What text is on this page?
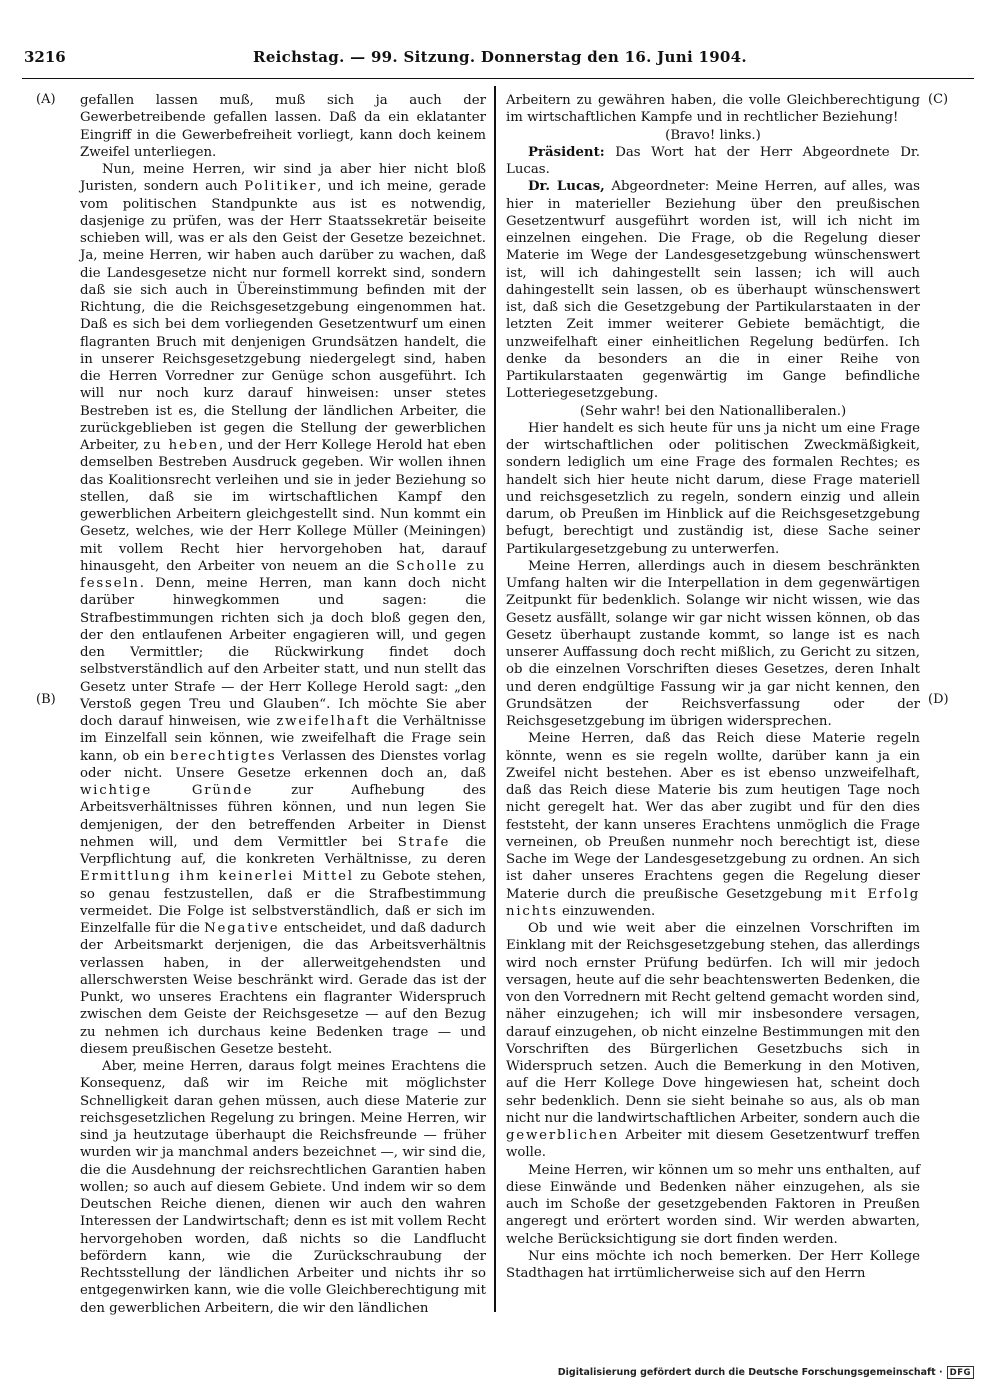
3216	Reichstag. — 99. Sitzung. Donnerstag den 16. Juni 1904.
(A)
(B)
(C)
(D)

gefallen lassen muß, muß sich ja auch der Gewerbetreibende gefallen lassen. Daß da ein eklatanter Eingriff in die Gewerbefreiheit vorliegt, kann doch keinem Zweifel unterliegen.

Nun, meine Herren, wir sind ja aber hier nicht bloß Juristen, sondern auch Politiker, und ich meine, gerade vom politischen Standpunkte aus ist es notwendig, dasjenige zu prüfen, was der Herr Staatssekretär beiseite schieben will, was er als den Geist der Gesetze bezeichnet. Ja, meine Herren, wir haben auch darüber zu wachen, daß die Landesgesetze nicht nur formell korrekt sind, sondern daß sie sich auch in Übereinstimmung befinden mit der Richtung, die die Reichsgesetzgebung eingenommen hat. Daß es sich bei dem vorliegenden Gesetzentwurf um einen flagranten Bruch mit denjenigen Grundsätzen handelt, die in unserer Reichsgesetzgebung niedergelegt sind, haben die Herren Vorredner zur Genüge schon ausgeführt. Ich will nur noch kurz darauf hinweisen: unser stetes Bestreben ist es, die Stellung der ländlichen Arbeiter, die zurückgeblieben ist gegen die Stellung der gewerblichen Arbeiter, zu heben, und der Herr Kollege Herold hat eben demselben Bestreben Ausdruck gegeben. Wir wollen ihnen das Koalitionsrecht verleihen und sie in jeder Beziehung so stellen, daß sie im wirtschaftlichen Kampf den gewerblichen Arbeitern gleichgestellt sind. Nun kommt ein Gesetz, welches, wie der Herr Kollege Müller (Meiningen) mit vollem Recht hier hervorgehoben hat, darauf hinausgeht, den Arbeiter von neuem an die Scholle zu fesseln. Denn, meine Herren, man kann doch nicht darüber hinwegkommen und sagen: die Strafbestimmungen richten sich ja doch bloß gegen den, der den entlaufenen Arbeiter engagieren will, und gegen den Vermittler; die Rückwirkung findet doch selbstverständlich auf den Arbeiter statt, und nun stellt das Gesetz unter Strafe — der Herr Kollege Herold sagt: „den Verstoß gegen Treu und Glauben“. Ich möchte Sie aber doch darauf hinweisen, wie zweifelhaft die Verhältnisse im Einzelfall sein können, wie zweifelhaft die Frage sein kann, ob ein berechtigtes Verlassen des Dienstes vorlag oder nicht. Unsere Gesetze erkennen doch an, daß wichtige Gründe zur Aufhebung des Arbeitsverhältnisses führen können, und nun legen Sie demjenigen, der den betreffenden Arbeiter in Dienst nehmen will, und dem Vermittler bei Strafe die Verpflichtung auf, die konkreten Verhältnisse, zu deren Ermittlung ihm keinerlei Mittel zu Gebote stehen, so genau festzustellen, daß er die Strafbestimmung vermeidet. Die Folge ist selbstverständlich, daß er sich im Einzelfalle für die Negative entscheidet, und daß dadurch der Arbeitsmarkt derjenigen, die das Arbeitsverhältnis verlassen haben, in der allerweitgehendsten und allerschwersten Weise beschränkt wird. Gerade das ist der Punkt, wo unseres Erachtens ein flagranter Widerspruch zwischen dem Geiste der Reichsgesetze — auf den Bezug zu nehmen ich durchaus keine Bedenken trage — und diesem preußischen Gesetze besteht.

Aber, meine Herren, daraus folgt meines Erachtens die Konsequenz, daß wir im Reiche mit möglichster Schnelligkeit daran gehen müssen, auch diese Materie zur reichsgesetzlichen Regelung zu bringen. Meine Herren, wir sind ja heutzutage überhaupt die Reichsfreunde — früher wurden wir ja manchmal anders bezeichnet —, wir sind die, die die Ausdehnung der reichsrechtlichen Garantien haben wollen; so auch auf diesem Gebiete. Und indem wir so dem Deutschen Reiche dienen, dienen wir auch den wahren Interessen der Landwirtschaft; denn es ist mit vollem Recht hervorgehoben worden, daß nichts so die Landflucht befördern kann, wie die Zurückschraubung der Rechtsstellung der ländlichen Arbeiter und nichts ihr so entgegenwirken kann, wie die volle Gleichberechtigung mit den gewerblichen Arbeitern, die wir den ländlichen

Arbeitern zu gewähren haben, die volle Gleichberechtigung im wirtschaftlichen Kampfe und in rechtlicher Beziehung!

(Bravo! links.)

Präsident: Das Wort hat der Herr Abgeordnete Dr. Lucas.

Dr. Lucas, Abgeordneter: Meine Herren, auf alles, was hier in materieller Beziehung über den preußischen Gesetzentwurf ausgeführt worden ist, will ich nicht im einzelnen eingehen. Die Frage, ob die Regelung dieser Materie im Wege der Landesgesetzgebung wünschenswert ist, will ich dahingestellt sein lassen; ich will auch dahingestellt sein lassen, ob es überhaupt wünschenswert ist, daß sich die Gesetzgebung der Partikularstaaten in der letzten Zeit immer weiterer Gebiete bemächtigt, die unzweifelhaft einer einheitlichen Regelung bedürfen. Ich denke da besonders an die in einer Reihe von Partikularstaaten gegenwärtig im Gange befindliche Lotteriegesetzgebung.

(Sehr wahr! bei den Nationalliberalen.)

Hier handelt es sich heute für uns ja nicht um eine Frage der wirtschaftlichen oder politischen Zweckmäßigkeit, sondern lediglich um eine Frage des formalen Rechtes; es handelt sich hier heute nicht darum, diese Frage materiell und reichsgesetzlich zu regeln, sondern einzig und allein darum, ob Preußen im Hinblick auf die Reichsgesetzgebung befugt, berechtigt und zuständig ist, diese Sache seiner Partikulargesetzgebung zu unterwerfen.

Meine Herren, allerdings auch in diesem beschränkten Umfang halten wir die Interpellation in dem gegenwärtigen Zeitpunkt für bedenklich. Solange wir nicht wissen, wie das Gesetz ausfällt, solange wir gar nicht wissen können, ob das Gesetz überhaupt zustande kommt, so lange ist es nach unserer Auffassung doch recht mißlich, zu Gericht zu sitzen, ob die einzelnen Vorschriften dieses Gesetzes, deren Inhalt und deren endgültige Fassung wir ja gar nicht kennen, den Grundsätzen der Reichsverfassung oder der Reichsgesetzgebung im übrigen widersprechen.

Meine Herren, daß das Reich diese Materie regeln könnte, wenn es sie regeln wollte, darüber kann ja ein Zweifel nicht bestehen. Aber es ist ebenso unzweifelhaft, daß das Reich diese Materie bis zum heutigen Tage noch nicht geregelt hat. Wer das aber zugibt und für den dies feststeht, der kann unseres Erachtens unmöglich die Frage verneinen, ob Preußen nunmehr noch berechtigt ist, diese Sache im Wege der Landesgesetzgebung zu ordnen. An sich ist daher unseres Erachtens gegen die Regelung dieser Materie durch die preußische Gesetzgebung mit Erfolg nichts einzuwenden.

Ob und wie weit aber die einzelnen Vorschriften im Einklang mit der Reichsgesetzgebung stehen, das allerdings wird noch ernster Prüfung bedürfen. Ich will mir jedoch versagen, heute auf die sehr beachtenswerten Bedenken, die von den Vorrednern mit Recht geltend gemacht worden sind, näher einzugehen; ich will mir insbesondere versagen, darauf einzugehen, ob nicht einzelne Bestimmungen mit den Vorschriften des Bürgerlichen Gesetzbuchs sich in Widerspruch setzen. Auch die Bemerkung in den Motiven, auf die Herr Kollege Dove hingewiesen hat, scheint doch sehr bedenklich. Denn sie sieht beinahe so aus, als ob man nicht nur die landwirtschaftlichen Arbeiter, sondern auch die gewerblichen Arbeiter mit diesem Gesetzentwurf treffen wolle.

Meine Herren, wir können um so mehr uns enthalten, auf diese Einwände und Bedenken näher einzugehen, als sie auch im Schoße der gesetzgebenden Faktoren in Preußen angeregt und erörtert worden sind. Wir werden abwarten, welche Berücksichtigung sie dort finden werden.

Nur eins möchte ich noch bemerken. Der Herr Kollege Stadthagen hat irrtümlicherweise sich auf den Herrn

Digitalisierung gefördert durch die Deutsche Forschungsgemeinschaft · DFG
